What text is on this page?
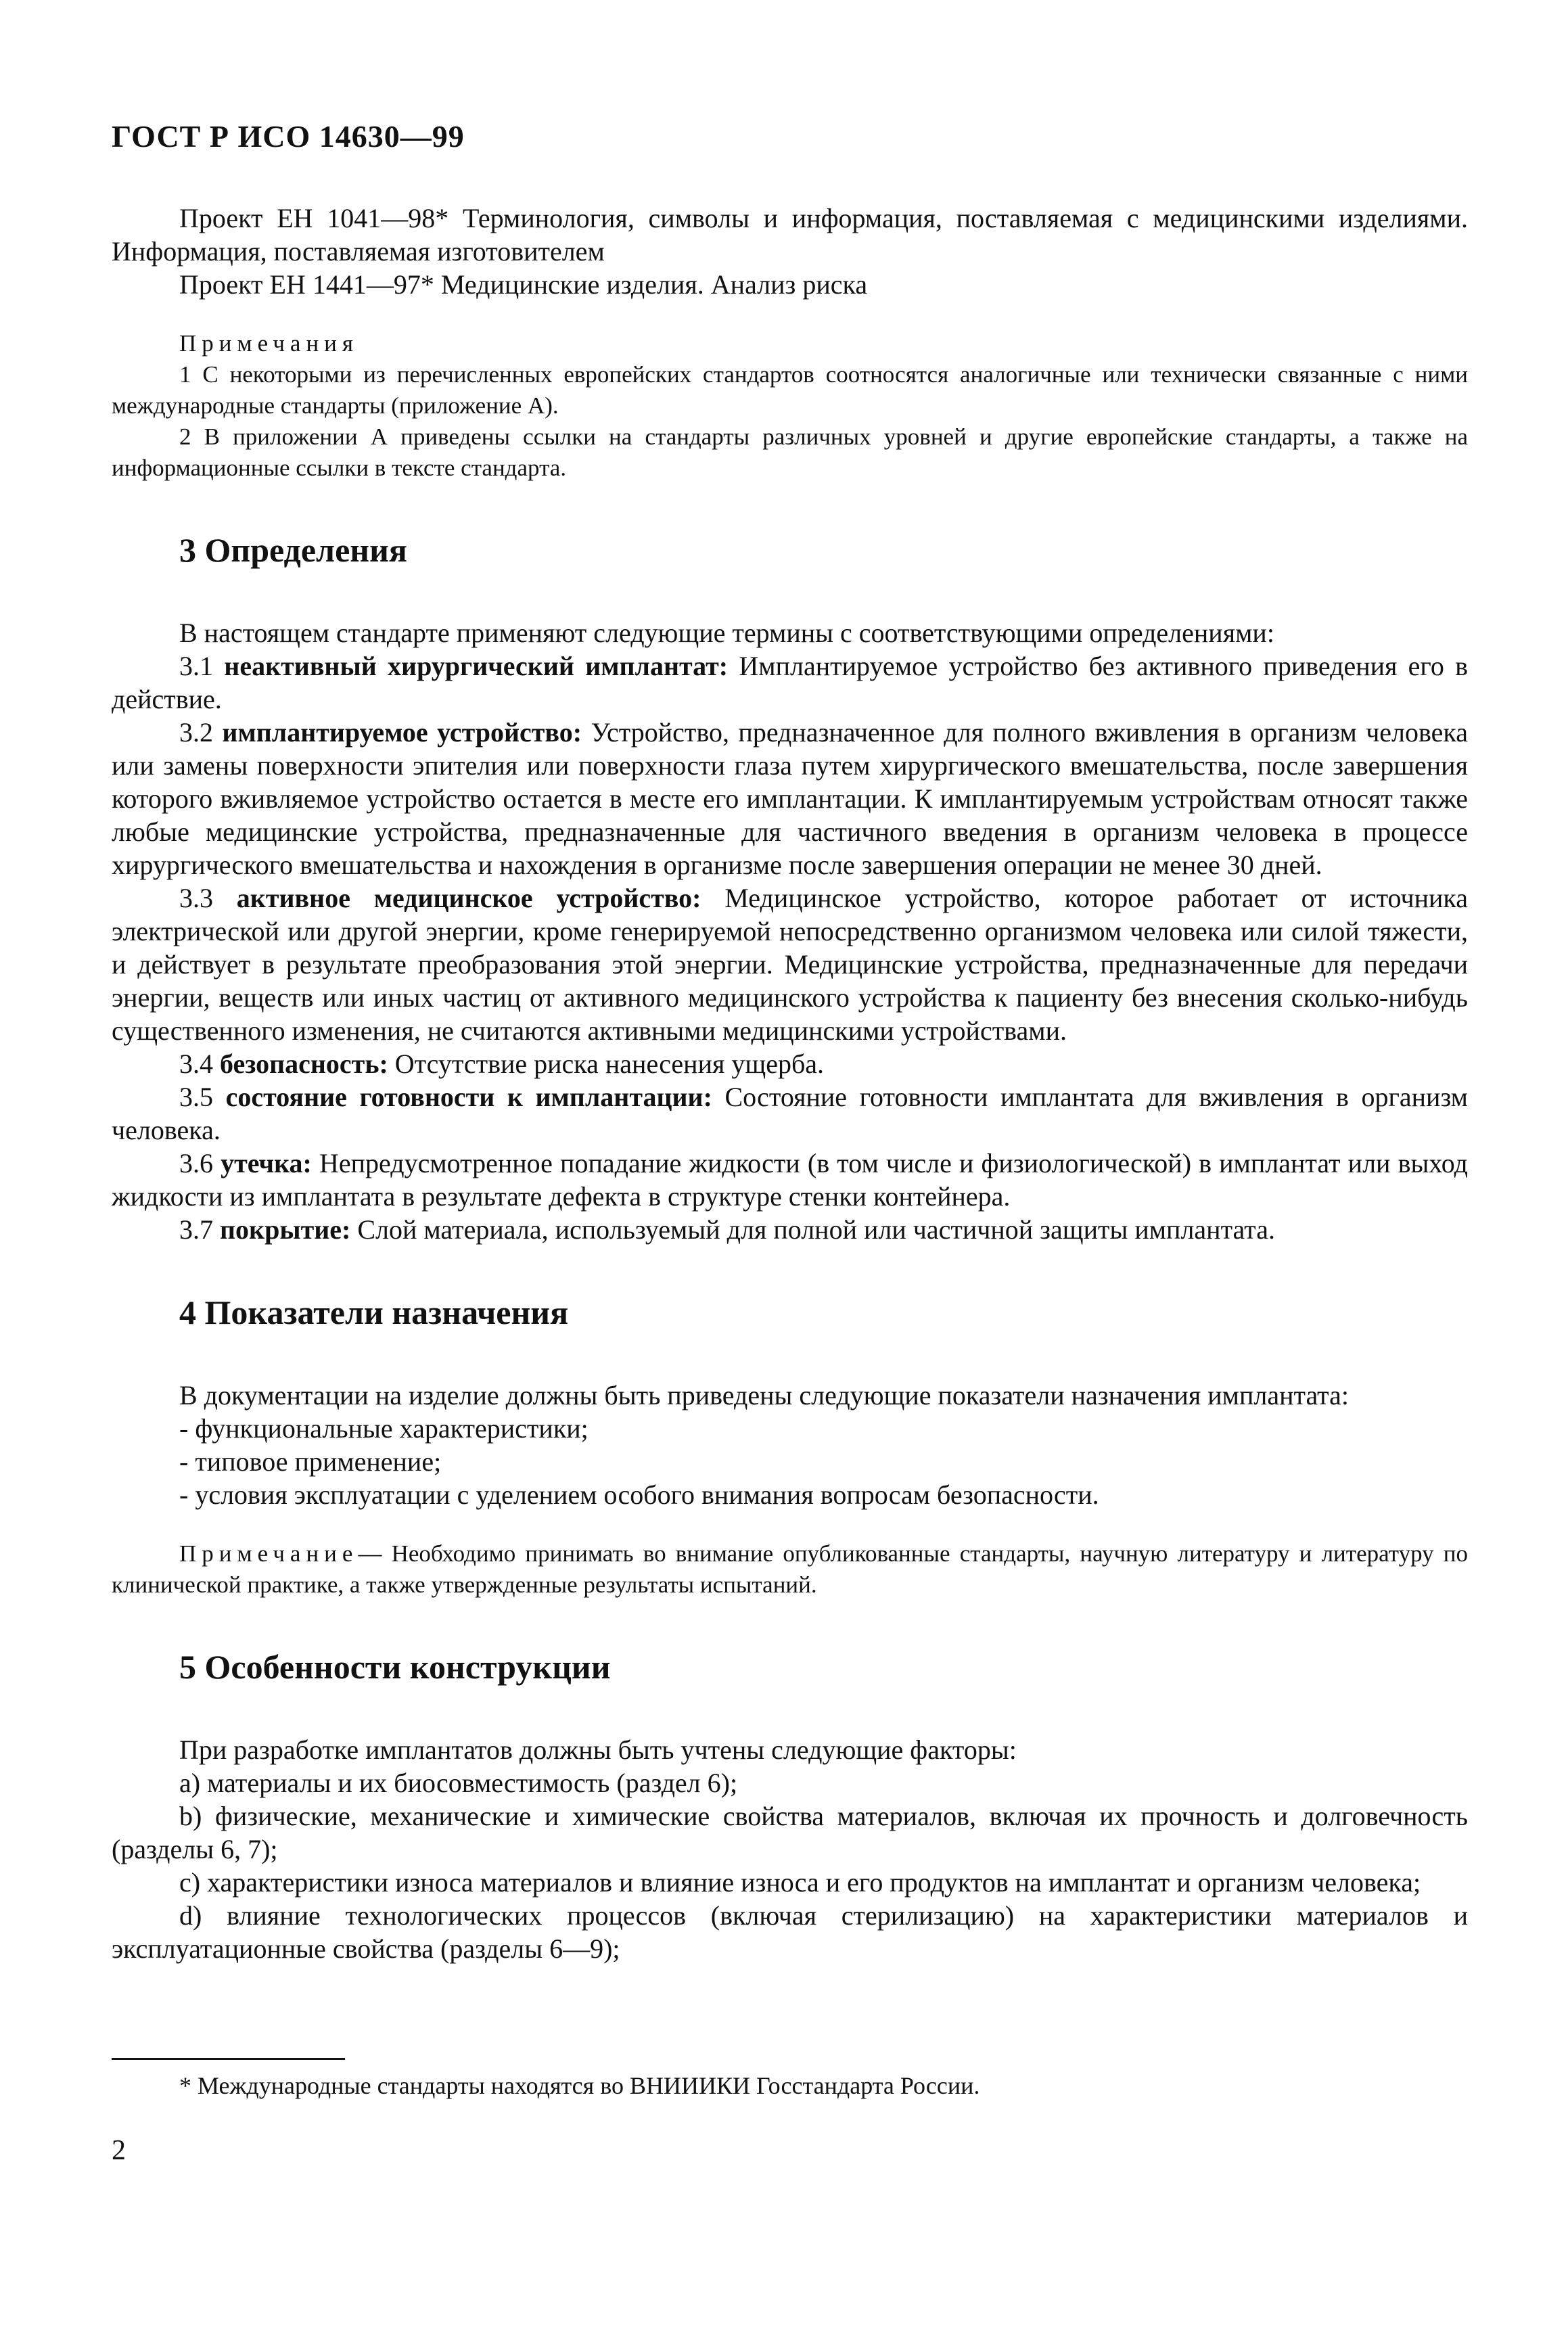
ГОСТ Р ИСО 14630—99

Проект ЕН 1041—98* Терминология, символы и информация, поставляемая с медицинскими изделиями. Информация, поставляемая изготовителем

Проект ЕН 1441—97* Медицинские изделия. Анализ риска

Примечания

1 С некоторыми из перечисленных европейских стандартов соотносятся аналогичные или технически связанные с ними международные стандарты (приложение А).

2 В приложении А приведены ссылки на стандарты различных уровней и другие европейские стандарты, а также на информационные ссылки в тексте стандарта.

3 Определения

В настоящем стандарте применяют следующие термины с соответствующими определениями:

3.1 неактивный хирургический имплантат: Имплантируемое устройство без активного приведения его в действие.

3.2 имплантируемое устройство: Устройство, предназначенное для полного вживления в организм человека или замены поверхности эпителия или поверхности глаза путем хирургического вмешательства, после завершения которого вживляемое устройство остается в месте его имплантации. К имплантируемым устройствам относят также любые медицинские устройства, предназначенные для частичного введения в организм человека в процессе хирургического вмешательства и нахождения в организме после завершения операции не менее 30 дней.

3.3 активное медицинское устройство: Медицинское устройство, которое работает от источника электрической или другой энергии, кроме генерируемой непосредственно организмом человека или силой тяжести, и действует в результате преобразования этой энергии. Медицинские устройства, предназначенные для передачи энергии, веществ или иных частиц от активного медицинского устройства к пациенту без внесения сколько-нибудь существенного изменения, не считаются активными медицинскими устройствами.

3.4 безопасность: Отсутствие риска нанесения ущерба.

3.5 состояние готовности к имплантации: Состояние готовности имплантата для вживления в организм человека.

3.6 утечка: Непредусмотренное попадание жидкости (в том числе и физиологической) в имплантат или выход жидкости из имплантата в результате дефекта в структуре стенки контейнера.

3.7 покрытие: Слой материала, используемый для полной или частичной защиты имплантата.

4 Показатели назначения

В документации на изделие должны быть приведены следующие показатели назначения имплантата:

- функциональные характеристики;

- типовое применение;

- условия эксплуатации с уделением особого внимания вопросам безопасности.

Примечание— Необходимо принимать во внимание опубликованные стандарты, научную литературу и литературу по клинической практике, а также утвержденные результаты испытаний.

5 Особенности конструкции

При разработке имплантатов должны быть учтены следующие факторы:

a) материалы и их биосовместимость (раздел 6);

b) физические, механические и химические свойства материалов, включая их прочность и долговечность (разделы 6, 7);

c) характеристики износа материалов и влияние износа и его продуктов на имплантат и организм человека;

d) влияние технологических процессов (включая стерилизацию) на характеристики материалов и эксплуатационные свойства (разделы 6—9);

* Международные стандарты находятся во ВНИИИКИ Госстандарта России.
2
